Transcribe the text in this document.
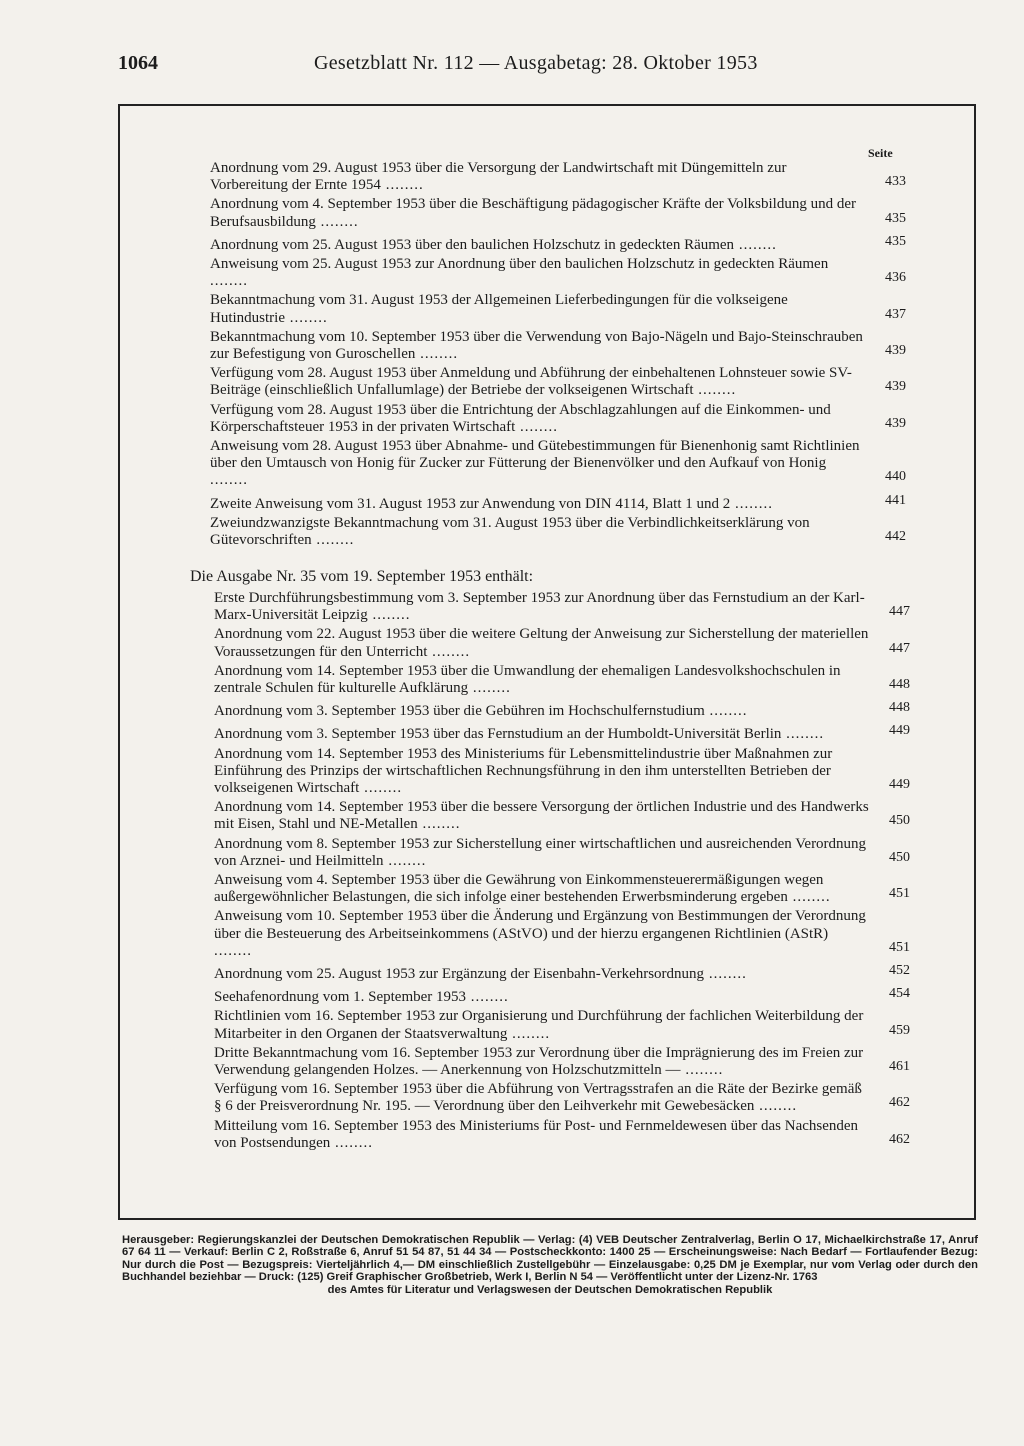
1064	Gesetzblatt Nr. 112 — Ausgabetag: 28. Oktober 1953
Seite
Anordnung vom 29. August 1953 über die Versorgung der Landwirtschaft mit Düngemitteln zur Vorbereitung der Ernte 1954 ........	433
Anordnung vom 4. September 1953 über die Beschäftigung pädagogischer Kräfte der Volksbildung und der Berufsausbildung ........	435
Anordnung vom 25. August 1953 über den baulichen Holzschutz in gedeckten Räumen ........	435
Anweisung vom 25. August 1953 zur Anordnung über den baulichen Holzschutz in gedeckten Räumen ........	436
Bekanntmachung vom 31. August 1953 der Allgemeinen Lieferbedingungen für die volkseigene Hutindustrie ........	437
Bekanntmachung vom 10. September 1953 über die Verwendung von Bajo-Nägeln und Bajo-Steinschrauben zur Befestigung von Guroschellen ........	439
Verfügung vom 28. August 1953 über Anmeldung und Abführung der einbehaltenen Lohnsteuer sowie SV-Beiträge (einschließlich Unfallumlage) der Betriebe der volkseigenen Wirtschaft ........	439
Verfügung vom 28. August 1953 über die Entrichtung der Abschlagzahlungen auf die Einkommen- und Körperschaftsteuer 1953 in der privaten Wirtschaft ........	439
Anweisung vom 28. August 1953 über Abnahme- und Gütebestimmungen für Bienenhonig samt Richtlinien über den Umtausch von Honig für Zucker zur Fütterung der Bienenvölker und den Aufkauf von Honig ........	440
Zweite Anweisung vom 31. August 1953 zur Anwendung von DIN 4114, Blatt 1 und 2 ........	441
Zweiundzwanzigste Bekanntmachung vom 31. August 1953 über die Verbindlichkeitserklärung von Gütevorschriften ........	442
Die Ausgabe Nr. 35 vom 19. September 1953 enthält:
Erste Durchführungsbestimmung vom 3. September 1953 zur Anordnung über das Fernstudium an der Karl-Marx-Universität Leipzig ........	447
Anordnung vom 22. August 1953 über die weitere Geltung der Anweisung zur Sicherstellung der materiellen Voraussetzungen für den Unterricht ........	447
Anordnung vom 14. September 1953 über die Umwandlung der ehemaligen Landesvolkshochschulen in zentrale Schulen für kulturelle Aufklärung ........	448
Anordnung vom 3. September 1953 über die Gebühren im Hochschulfernstudium ........	448
Anordnung vom 3. September 1953 über das Fernstudium an der Humboldt-Universität Berlin ........	449
Anordnung vom 14. September 1953 des Ministeriums für Lebensmittelindustrie über Maßnahmen zur Einführung des Prinzips der wirtschaftlichen Rechnungsführung in den ihm unterstellten Betrieben der volkseigenen Wirtschaft ........	449
Anordnung vom 14. September 1953 über die bessere Versorgung der örtlichen Industrie und des Handwerks mit Eisen, Stahl und NE-Metallen ........	450
Anordnung vom 8. September 1953 zur Sicherstellung einer wirtschaftlichen und ausreichenden Verordnung von Arznei- und Heilmitteln ........	450
Anweisung vom 4. September 1953 über die Gewährung von Einkommensteuerermäßigungen wegen außergewöhnlicher Belastungen, die sich infolge einer bestehenden Erwerbsminderung ergeben ........	451
Anweisung vom 10. September 1953 über die Änderung und Ergänzung von Bestimmungen der Verordnung über die Besteuerung des Arbeitseinkommens (AStVO) und der hierzu ergangenen Richtlinien (AStR) ........	451
Anordnung vom 25. August 1953 zur Ergänzung der Eisenbahn-Verkehrsordnung ........	452
Seehafenordnung vom 1. September 1953 ........	454
Richtlinien vom 16. September 1953 zur Organisierung und Durchführung der fachlichen Weiterbildung der Mitarbeiter in den Organen der Staatsverwaltung ........	459
Dritte Bekanntmachung vom 16. September 1953 zur Verordnung über die Imprägnierung des im Freien zur Verwendung gelangenden Holzes. — Anerkennung von Holzschutzmitteln — ........	461
Verfügung vom 16. September 1953 über die Abführung von Vertragsstrafen an die Räte der Bezirke gemäß § 6 der Preisverordnung Nr. 195. — Verordnung über den Leihverkehr mit Gewebesäcken ........	462
Mitteilung vom 16. September 1953 des Ministeriums für Post- und Fernmeldewesen über das Nachsenden von Postsendungen ........	462
Herausgeber: Regierungskanzlei der Deutschen Demokratischen Republik — Verlag: (4) VEB Deutscher Zentralverlag, Berlin O 17, Michaelkirchstraße 17, Anruf 67 64 11 — Verkauf: Berlin C 2, Roßstraße 6, Anruf 51 54 87, 51 44 34 — Postscheckkonto: 1400 25 — Erscheinungsweise: Nach Bedarf — Fortlaufender Bezug: Nur durch die Post — Bezugspreis: Vierteljährlich 4,— DM einschließlich Zustellgebühr — Einzelausgabe: 0,25 DM je Exemplar, nur vom Verlag oder durch den Buchhandel beziehbar — Druck: (125) Greif Graphischer Großbetrieb, Werk I, Berlin N 54 — Veröffentlicht unter der Lizenz-Nr. 1763
des Amtes für Literatur und Verlagswesen der Deutschen Demokratischen Republik
